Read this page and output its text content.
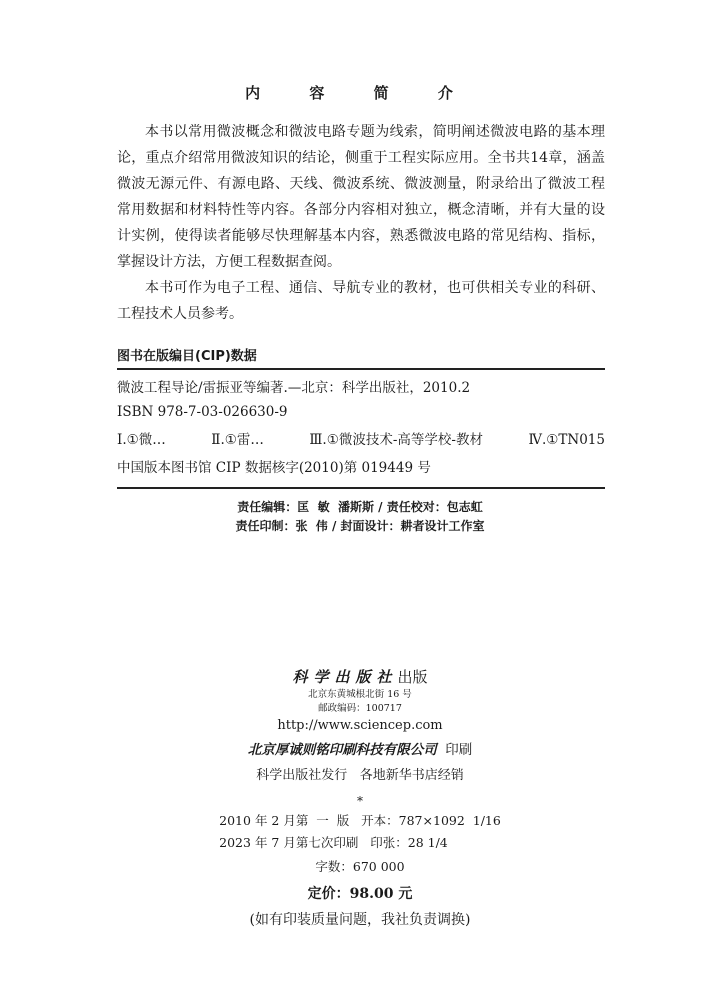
内 容 简 介

本书以常用微波概念和微波电路专题为线索，简明阐述微波电路的基本理论，重点介绍常用微波知识的结论，侧重于工程实际应用。全书共14章，涵盖微波无源元件、有源电路、天线、微波系统、微波测量，附录给出了微波工程常用数据和材料特性等内容。各部分内容相对独立，概念清晰，并有大量的设计实例，使得读者能够尽快理解基本内容，熟悉微波电路的常见结构、指标，掌握设计方法，方便工程数据查阅。

本书可作为电子工程、通信、导航专业的教材，也可供相关专业的科研、工程技术人员参考。

图书在版编目(CIP)数据
微波工程导论/雷振亚等编著.—北京：科学出版社，2010.2
ISBN 978-7-03-026630-9
Ⅰ.①微…	Ⅱ.①雷…	Ⅲ.①微波技术-高等学校-教材	Ⅳ.①TN015
中国版本图书馆 CIP 数据核字(2010)第 019449 号
责任编辑：匡  敏  潘斯斯 / 责任校对：包志虹
责任印制：张  伟 / 封面设计：耕者设计工作室
科学出版社出版
北京东黄城根北街 16 号
邮政编码：100717
http://www.sciencep.com
北京厚诚则铭印刷科技有限公司 印刷
科学出版社发行   各地新华书店经销
*
2010 年 2 月第  一  版   开本：787×1092  1/16
2023 年 7 月第七次印刷   印张：28 1/4
字数：670 000
定价：98.00 元
(如有印装质量问题，我社负责调换)
